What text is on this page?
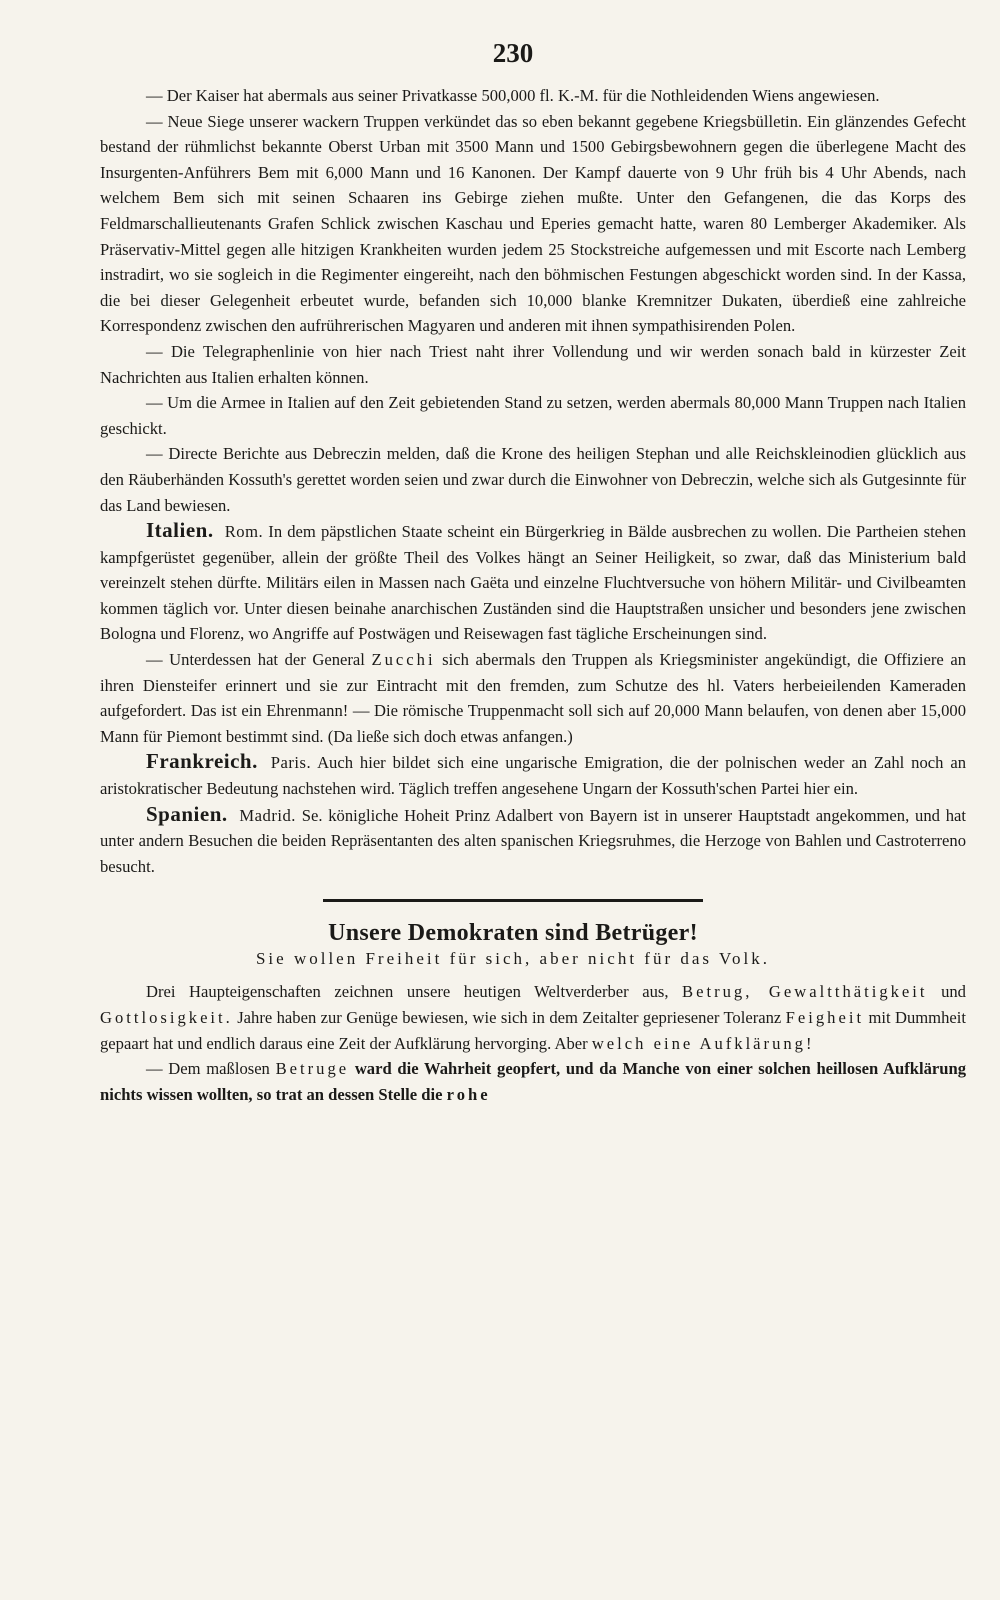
230

— Der Kaiser hat abermals aus seiner Privatkasse 500,000 fl. K.-M. für die Nothleidenden Wiens angewiesen.

— Neue Siege unserer wackern Truppen verkündet das so eben bekannt gegebene Kriegsbülletin. Ein glänzendes Gefecht bestand der rühmlichst bekannte Oberst Urban mit 3500 Mann und 1500 Gebirgsbewohnern gegen die überlegene Macht des Insurgenten-Anführers Bem mit 6,000 Mann und 16 Kanonen. Der Kampf dauerte von 9 Uhr früh bis 4 Uhr Abends, nach welchem Bem sich mit seinen Schaaren ins Gebirge ziehen mußte. Unter den Gefangenen, die das Korps des Feldmarschallieutenants Grafen Schlick zwischen Kaschau und Eperies gemacht hatte, waren 80 Lemberger Akademiker. Als Präservativ-Mittel gegen alle hitzigen Krankheiten wurden jedem 25 Stockstreiche aufgemessen und mit Escorte nach Lemberg instradirt, wo sie sogleich in die Regimenter eingereiht, nach den böhmischen Festungen abgeschickt worden sind. In der Kassa, die bei dieser Gelegenheit erbeutet wurde, befanden sich 10,000 blanke Kremnitzer Dukaten, überdieß eine zahlreiche Korrespondenz zwischen den aufrührerischen Magyaren und anderen mit ihnen sympathisirenden Polen.

— Die Telegraphenlinie von hier nach Triest naht ihrer Vollendung und wir werden sonach bald in kürzester Zeit Nachrichten aus Italien erhalten können.

— Um die Armee in Italien auf den Zeit gebietenden Stand zu setzen, werden abermals 80,000 Mann Truppen nach Italien geschickt.

— Directe Berichte aus Debreczin melden, daß die Krone des heiligen Stephan und alle Reichskleinodien glücklich aus den Räuberhänden Kossuth's gerettet worden seien und zwar durch die Einwohner von Debreczin, welche sich als Gutgesinnte für das Land bewiesen.

Italien. Rom. In dem päpstlichen Staate scheint ein Bürgerkrieg in Bälde ausbrechen zu wollen. Die Partheien stehen kampfgerüstet gegenüber, allein der größte Theil des Volkes hängt an Seiner Heiligkeit, so zwar, daß das Ministerium bald vereinzelt stehen dürfte. Militärs eilen in Massen nach Gaëta und einzelne Fluchtversuche von höhern Militär- und Civilbeamten kommen täglich vor. Unter diesen beinahe anarchischen Zuständen sind die Hauptstraßen unsicher und besonders jene zwischen Bologna und Florenz, wo Angriffe auf Postwägen und Reisewagen fast tägliche Erscheinungen sind.

— Unterdessen hat der General Zucchi sich abermals den Truppen als Kriegsminister angekündigt, die Offiziere an ihren Diensteifer erinnert und sie zur Eintracht mit den fremden, zum Schutze des hl. Vaters herbeieilenden Kameraden aufgefordert. Das ist ein Ehrenmann! — Die römische Truppenmacht soll sich auf 20,000 Mann belaufen, von denen aber 15,000 Mann für Piemont bestimmt sind. (Da ließe sich doch etwas anfangen.)

Frankreich. Paris. Auch hier bildet sich eine ungarische Emigration, die der polnischen weder an Zahl noch an aristokratischer Bedeutung nachstehen wird. Täglich treffen angesehene Ungarn der Kossuth'schen Partei hier ein.

Spanien. Madrid. Se. königliche Hoheit Prinz Adalbert von Bayern ist in unserer Hauptstadt angekommen, und hat unter andern Besuchen die beiden Repräsentanten des alten spanischen Kriegsruhmes, die Herzoge von Bahlen und Castroterreno besucht.

Unsere Demokraten sind Betrüger!
Sie wollen Freiheit für sich, aber nicht für das Volk.

Drei Haupteigenschaften zeichnen unsere heutigen Weltverderber aus, Betrug, Gewaltthätigkeit und Gottlosigkeit. Jahre haben zur Genüge bewiesen, wie sich in dem Zeitalter gepriesener Toleranz Feigheit mit Dummheit gepaart hat und endlich daraus eine Zeit der Aufklärung hervorging. Aber welch eine Aufklärung!

— Dem maßlosen Betruge ward die Wahrheit geopfert, und da Manche von einer solchen heillosen Aufklärung nichts wissen wollten, so trat an dessen Stelle die rohe
